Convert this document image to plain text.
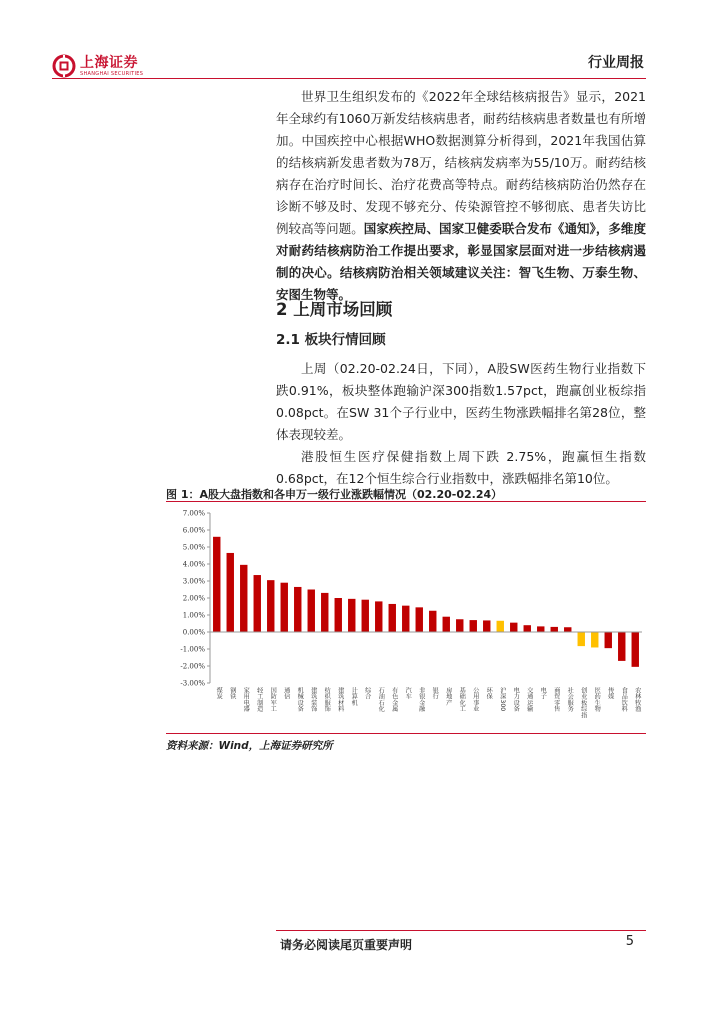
上海证券
SHANGHAI SECURITIES
行业周报
世界卫生组织发布的《2022年全球结核病报告》显示，2021年全球约有1060万新发结核病患者，耐药结核病患者数量也有所增加。中国疾控中心根据WHO数据测算分析得到，2021年我国估算的结核病新发患者数为78万，结核病发病率为55/10万。耐药结核病存在治疗时间长、治疗花费高等特点。耐药结核病防治仍然存在诊断不够及时、发现不够充分、传染源管控不够彻底、患者失访比例较高等问题。国家疾控局、国家卫健委联合发布《通知》，多维度对耐药结核病防治工作提出要求，彰显国家层面对进一步结核病遏制的决心。结核病防治相关领域建议关注：智飞生物、万泰生物、安图生物等。
2 上周市场回顾
2.1 板块行情回顾
上周（02.20-02.24日，下同），A股SW医药生物行业指数下跌0.91%，板块整体跑输沪深300指数1.57pct，跑赢创业板综指0.08pct。在SW 31个子行业中，医药生物涨跌幅排名第28位，整体表现较差。
港股恒生医疗保健指数上周下跌 2.75%，跑赢恒生指数0.68pct，在12个恒生综合行业指数中，涨跌幅排名第10位。
图 1：A股大盘指数和各申万一级行业涨跌幅情况（02.20-02.24）
7.00%
6.00%
5.00%
4.00%
3.00%
2.00%
1.00%
0.00%
-1.00%
-2.00%
-3.00%
煤炭 钢铁 家用电器 轻工制造 国防军工 通信 机械设备 建筑装饰 纺织服饰 建筑材料 计算机 综合 石油石化 有色金属 汽车 非银金融 银行 房地产 基础化工 公用事业 环保 沪深300 电力设备 交通运输 电子 商贸零售 社会服务 创业板综指 医药生物 传媒 食品饮料 农林牧渔
资料来源：Wind，上海证券研究所
请务必阅读尾页重要声明	5
